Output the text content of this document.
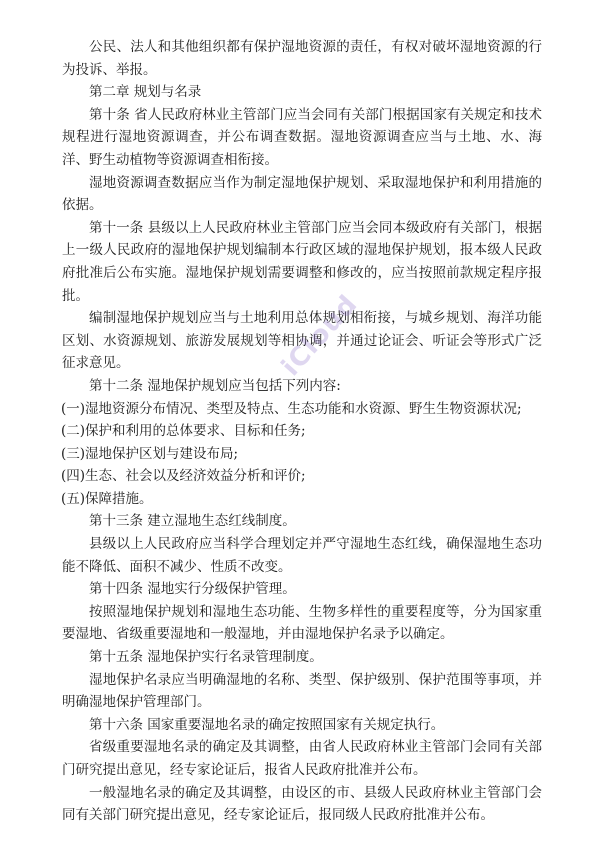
公民、法人和其他组织都有保护湿地资源的责任，有权对破坏湿地资源的行为投诉、举报。

第二章 规划与名录

第十条 省人民政府林业主管部门应当会同有关部门根据国家有关规定和技术规程进行湿地资源调查，并公布调查数据。湿地资源调查应当与土地、水、海洋、野生动植物等资源调查相衔接。

湿地资源调查数据应当作为制定湿地保护规划、采取湿地保护和利用措施的依据。

第十一条 县级以上人民政府林业主管部门应当会同本级政府有关部门，根据上一级人民政府的湿地保护规划编制本行政区域的湿地保护规划，报本级人民政府批准后公布实施。湿地保护规划需要调整和修改的，应当按照前款规定程序报批。

编制湿地保护规划应当与土地利用总体规划相衔接，与城乡规划、海洋功能区划、水资源规划、旅游发展规划等相协调，并通过论证会、听证会等形式广泛征求意见。

第十二条 湿地保护规划应当包括下列内容:

(一)湿地资源分布情况、类型及特点、生态功能和水资源、野生生物资源状况;

(二)保护和利用的总体要求、目标和任务;

(三)湿地保护区划与建设布局;

(四)生态、社会以及经济效益分析和评价;

(五)保障措施。

第十三条 建立湿地生态红线制度。

县级以上人民政府应当科学合理划定并严守湿地生态红线，确保湿地生态功能不降低、面积不减少、性质不改变。

第十四条 湿地实行分级保护管理。

按照湿地保护规划和湿地生态功能、生物多样性的重要程度等，分为国家重要湿地、省级重要湿地和一般湿地，并由湿地保护名录予以确定。

第十五条 湿地保护实行名录管理制度。

湿地保护名录应当明确湿地的名称、类型、保护级别、保护范围等事项，并明确湿地保护管理部门。

第十六条 国家重要湿地名录的确定按照国家有关规定执行。

省级重要湿地名录的确定及其调整，由省人民政府林业主管部门会同有关部门研究提出意见，经专家论证后，报省人民政府批准并公布。

一般湿地名录的确定及其调整，由设区的市、县级人民政府林业主管部门会同有关部门研究提出意见，经专家论证后，报同级人民政府批准并公布。

iCloud
